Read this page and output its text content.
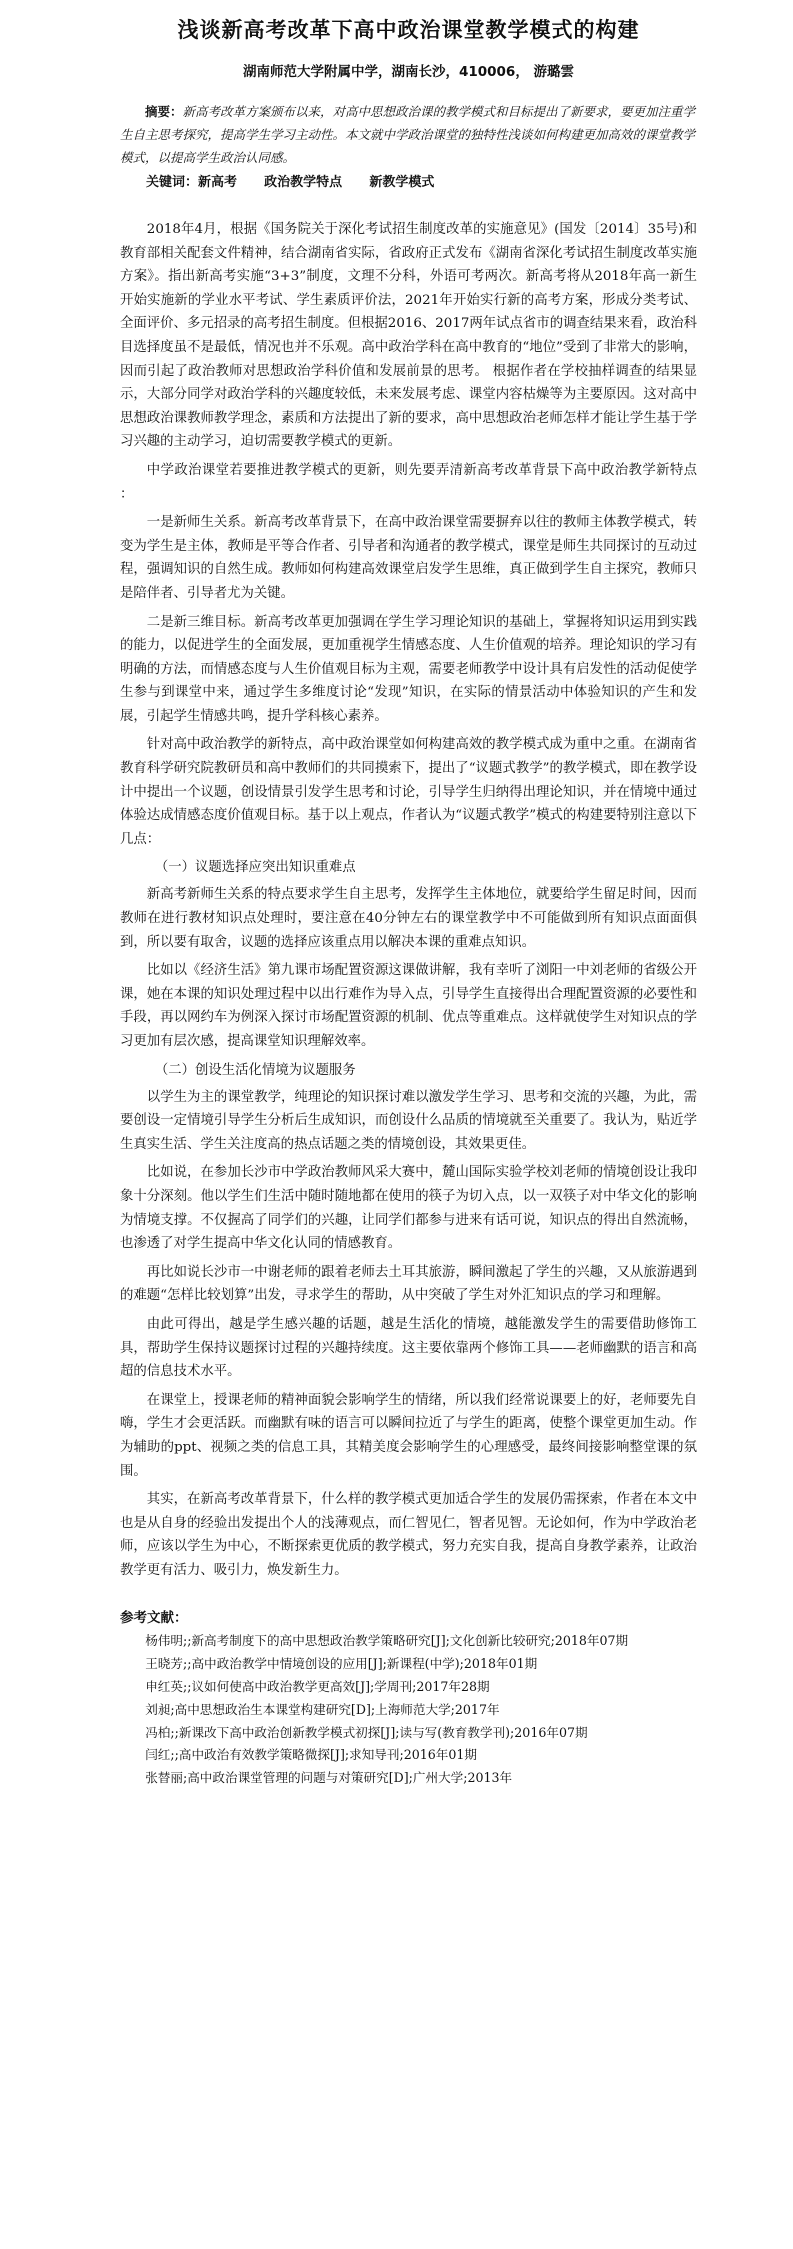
浅谈新高考改革下高中政治课堂教学模式的构建
湖南师范大学附属中学，湖南长沙，410006， 游璐雲

摘要：新高考改革方案颁布以来，对高中思想政治课的教学模式和目标提出了新要求，要更加注重学生自主思考探究，提高学生学习主动性。本文就中学政治课堂的独特性浅谈如何构建更加高效的课堂教学模式，以提高学生政治认同感。

关键词：新高考      政治教学特点      新教学模式

2018年4月，根据《国务院关于深化考试招生制度改革的实施意见》(国发〔2014〕35号)和教育部相关配套文件精神，结合湖南省实际，省政府正式发布《湖南省深化考试招生制度改革实施方案》。指出新高考实施“3+3”制度，文理不分科，外语可考两次。新高考将从2018年高一新生开始实施新的学业水平考试、学生素质评价法，2021年开始实行新的高考方案，形成分类考试、全面评价、多元招录的高考招生制度。但根据2016、2017两年试点省市的调查结果来看，政治科目选择度虽不是最低，情况也并不乐观。高中政治学科在高中教育的“地位”受到了非常大的影响，因而引起了政治教师对思想政治学科价值和发展前景的思考。 根据作者在学校抽样调查的结果显示，大部分同学对政治学科的兴趣度较低，未来发展考虑、课堂内容枯燥等为主要原因。这对高中思想政治课教师教学理念，素质和方法提出了新的要求，高中思想政治老师怎样才能让学生基于学习兴趣的主动学习，迫切需要教学模式的更新。

中学政治课堂若要推进教学模式的更新，则先要弄清新高考改革背景下高中政治教学新特点 ：

一是新师生关系。新高考改革背景下，在高中政治课堂需要摒弃以往的教师主体教学模式，转变为学生是主体，教师是平等合作者、引导者和沟通者的教学模式，课堂是师生共同探讨的互动过程，强调知识的自然生成。教师如何构建高效课堂启发学生思维，真正做到学生自主探究，教师只是陪伴者、引导者尤为关键。

二是新三维目标。新高考改革更加强调在学生学习理论知识的基础上，掌握将知识运用到实践的能力，以促进学生的全面发展，更加重视学生情感态度、人生价值观的培养。理论知识的学习有明确的方法，而情感态度与人生价值观目标为主观，需要老师教学中设计具有启发性的活动促使学生参与到课堂中来，通过学生多维度讨论“发现”知识，在实际的情景活动中体验知识的产生和发展，引起学生情感共鸣，提升学科核心素养。

针对高中政治教学的新特点，高中政治课堂如何构建高效的教学模式成为重中之重。在湖南省教育科学研究院教研员和高中教师们的共同摸索下，提出了“议题式教学”的教学模式，即在教学设计中提出一个议题，创设情景引发学生思考和讨论，引导学生归纳得出理论知识，并在情境中通过体验达成情感态度价值观目标。基于以上观点，作者认为“议题式教学”模式的构建要特别注意以下几点：

（一）议题选择应突出知识重难点

新高考新师生关系的特点要求学生自主思考，发挥学生主体地位，就要给学生留足时间，因而教师在进行教材知识点处理时，要注意在40分钟左右的课堂教学中不可能做到所有知识点面面俱到，所以要有取舍，议题的选择应该重点用以解决本课的重难点知识。

比如以《经济生活》第九课市场配置资源这课做讲解，我有幸听了浏阳一中刘老师的省级公开课，她在本课的知识处理过程中以出行难作为导入点，引导学生直接得出合理配置资源的必要性和手段，再以网约车为例深入探讨市场配置资源的机制、优点等重难点。这样就使学生对知识点的学习更加有层次感，提高课堂知识理解效率。

（二）创设生活化情境为议题服务

以学生为主的课堂教学，纯理论的知识探讨难以激发学生学习、思考和交流的兴趣，为此，需要创设一定情境引导学生分析后生成知识，而创设什么品质的情境就至关重要了。我认为，贴近学生真实生活、学生关注度高的热点话题之类的情境创设，其效果更佳。

比如说，在参加长沙市中学政治教师风采大赛中，麓山国际实验学校刘老师的情境创设让我印象十分深刻。他以学生们生活中随时随地都在使用的筷子为切入点，以一双筷子对中华文化的影响为情境支撑。不仅握高了同学们的兴趣，让同学们都参与进来有话可说，知识点的得出自然流畅，也渗透了对学生提高中华文化认同的情感教育。

再比如说长沙市一中谢老师的跟着老师去土耳其旅游，瞬间激起了学生的兴趣，又从旅游遇到的难题“怎样比较划算”出发，寻求学生的帮助，从中突破了学生对外汇知识点的学习和理解。

由此可得出，越是学生感兴趣的话题，越是生活化的情境，越能激发学生的需要借助修饰工具，帮助学生保持议题探讨过程的兴趣持续度。这主要依靠两个修饰工具——老师幽默的语言和高超的信息技术水平。

在课堂上，授课老师的精神面貌会影响学生的情绪，所以我们经常说课要上的好，老师要先自嗨，学生才会更活跃。而幽默有味的语言可以瞬间拉近了与学生的距离，使整个课堂更加生动。作为辅助的ppt、视频之类的信息工具，其精美度会影响学生的心理感受，最终间接影响整堂课的氛围。

其实，在新高考改革背景下，什么样的教学模式更加适合学生的发展仍需探索，作者在本文中也是从自身的经验出发提出个人的浅薄观点，而仁智见仁，智者见智。无论如何，作为中学政治老师，应该以学生为中心，不断探索更优质的教学模式，努力充实自我，提高自身教学素养，让政治教学更有活力、吸引力，焕发新生力。

参考文献：
杨伟明;;新高考制度下的高中思想政治教学策略研究[J];文化创新比较研究;2018年07期
王晓芳;;高中政治教学中情境创设的应用[J];新课程(中学);2018年01期
申红英;;议如何使高中政治教学更高效[J];学周刊;2017年28期
刘昶;高中思想政治生本课堂构建研究[D];上海师范大学;2017年
冯柏;;新课改下高中政治创新教学模式初探[J];读与写(教育教学刊);2016年07期
闫红;;高中政治有效教学策略微探[J];求知导刊;2016年01期
张替丽;高中政治课堂管理的问题与对策研究[D];广州大学;2013年
